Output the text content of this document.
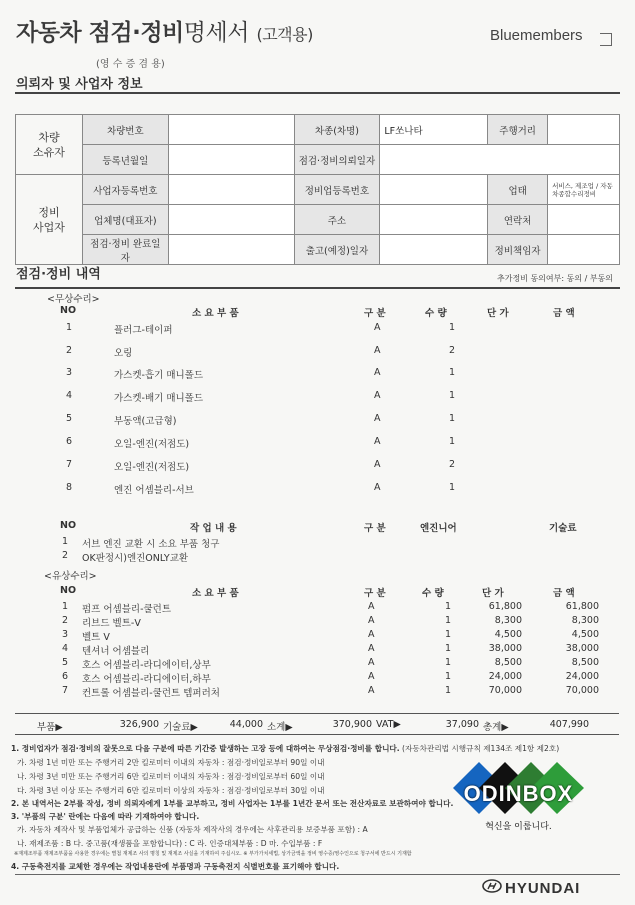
자동차 점검·정비명세서 (고객용)
(영 수 증 겸 용)
Bluemembers
의뢰자 및 사업자 정보
차량
소유자	차량번호		차종(차명)	LF쏘나타	주행거리	
	등록년월일		점검·정비의뢰일자			

정비
사업자	사업자등록번호		정비업등록번호		업태	서비스, 제조업 / 자동차종합수리정비
	업체명(대표자)		주소		연락처	
	점검·정비 완료일자		출고(예정)일자		정비책임자	
점검·정비 내역	추가정비 동의여부: 동의 / 부동의
<무상수리>
NO	소 요 부 품	구 분	수 량	단 가	금 액
1	플러그-테이퍼	A	1
2	오링	A	2
3	가스켓-흡기 매니폴드	A	1
4	가스켓-배기 매니폴드	A	1
5	부동액(고급형)	A	1
6	오일-엔진(저점도)	A	1
7	오일-엔진(저점도)	A	2
8	엔진 어셈블리-서브	A	1
NO	작 업 내 용	구 분	엔진니어	기술료
1 서브 엔진 교환 시 소요 부품 청구
2 OK판정시)엔진ONLY교환
<유상수리>
NO	소 요 부 품	구 분	수 량	단 가	금 액
1 펌프 어셈블리-쿨런트	A	1	61,800	61,800
2 리브드 벨트-V	A	1	8,300	8,300
3 벨트 V	A	1	4,500	4,500
4 텐셔너 어셈블리	A	1	38,000	38,000
5 호스 어셈블리-라디에이터,상부	A	1	8,500	8,500
6 호스 어셈블리-라디에이터,하부	A	1	24,000	24,000
7 컨트롤 어셈블리-쿨런트 템퍼러처	A	1	70,000	70,000
부품▶	326,900 기술료▶	44,000 소계▶	370,900 VAT▶	37,090 총계▶	407,990
1. 정비업자가 점검·정비의 잘못으로 다음 구분에 따른 기간중 발생하는 고장 등에 대하여는 무상점검·정비를 합니다. (자동차관리법 시행규칙 제134조 제1항 제2호)
가. 차령 1년 미만 또는 주행거리 2만 킬로미터 이내의 자동차 : 점검·정비일로부터 90일 이내
나. 차령 3년 미만 또는 주행거리 6만 킬로미터 이내의 자동차 : 점검·정비일로부터 60일 이내
다. 차령 3년 이상 또는 주행거리 6만 킬로미터 이상의 자동차 : 점검·정비일로부터 30일 이내
2. 본 내역서는 2부를 작성, 정비 의뢰자에게 1부를 교부하고, 정비 사업자는 1부를 1년간 문서 또는 전산자료로 보관하여야 합니다.
3. '부품의 구분' 란에는 다음에 따라 기재하여야 합니다.
가. 자동차 제작사 및 부품업체가 공급하는 신품 (자동차 제작사의 경우에는 사후관리용 보증부품 포함) : A
나. 재제조품 : B 다. 중고품(재생품을 포함합니다) : C 라. 인증대체부품 : D 마. 수입부품 : F
※재제조부품 재제조부품을 사용한 경우에는 별첨 재제조 사의 명칭 및 재제조 사실을 기재하여 주십시오. ※ 부가가치세법, 상가금액을 정비 영수증/영수인으로 청구서에 반드시 기재함
4. 구동축전지를 교체한 경우에는 작업내용란에 부품명과 구동축전지 식별번호를 표기해야 합니다.
ODINBOX
혁신을 이룹니다.
HYUNDAI
